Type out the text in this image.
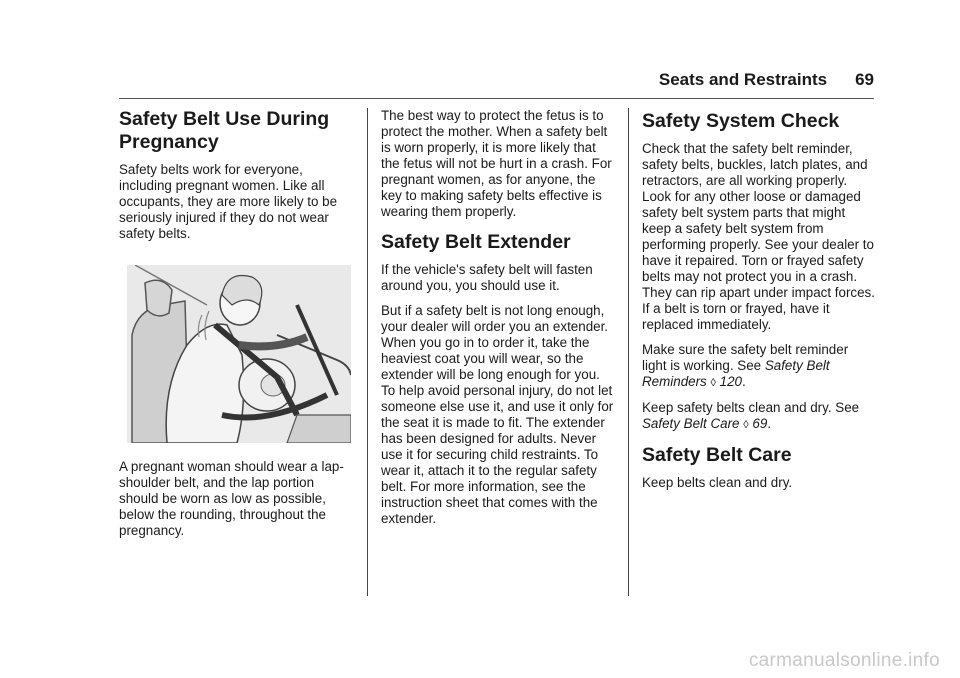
Seats and Restraints 69
Safety Belt Use During Pregnancy

Safety belts work for everyone, including pregnant women. Like all occupants, they are more likely to be seriously injured if they do not wear safety belts.

A pregnant woman should wear a lap-shoulder belt, and the lap portion should be worn as low as possible, below the rounding, throughout the pregnancy.

The best way to protect the fetus is to protect the mother. When a safety belt is worn properly, it is more likely that the fetus will not be hurt in a crash. For pregnant women, as for anyone, the key to making safety belts effective is wearing them properly.

Safety Belt Extender

If the vehicle's safety belt will fasten around you, you should use it.

But if a safety belt is not long enough, your dealer will order you an extender. When you go in to order it, take the heaviest coat you will wear, so the extender will be long enough for you. To help avoid personal injury, do not let someone else use it, and use it only for the seat it is made to fit. The extender has been designed for adults. Never use it for securing child restraints. To wear it, attach it to the regular safety belt. For more information, see the instruction sheet that comes with the extender.

Safety System Check

Check that the safety belt reminder, safety belts, buckles, latch plates, and retractors, are all working properly. Look for any other loose or damaged safety belt system parts that might keep a safety belt system from performing properly. See your dealer to have it repaired. Torn or frayed safety belts may not protect you in a crash. They can rip apart under impact forces. If a belt is torn or frayed, have it replaced immediately.

Make sure the safety belt reminder light is working. See Safety Belt Reminders ◊ 120.

Keep safety belts clean and dry. See Safety Belt Care ◊ 69.

Safety Belt Care

Keep belts clean and dry.

carmanualsonline.info
